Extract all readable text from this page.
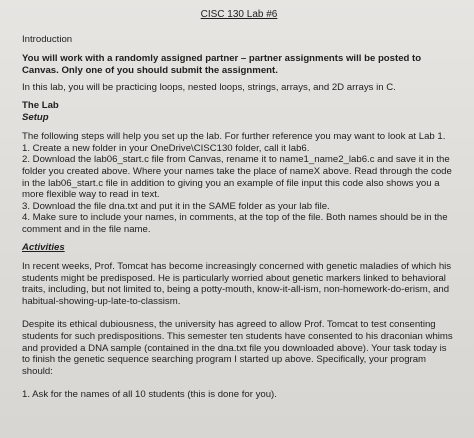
CISC 130 Lab #6
Introduction
You will work with a randomly assigned partner – partner assignments will be posted to Canvas. Only one of you should submit the assignment.
In this lab, you will be practicing loops, nested loops, strings, arrays, and 2D arrays in C.
The Lab
Setup
The following steps will help you set up the lab. For further reference you may want to look at Lab 1.
1. Create a new folder in your OneDrive\CISC130 folder, call it lab6.
2. Download the lab06_start.c file from Canvas, rename it to name1_name2_lab6.c and save it in the folder you created above. Where your names take the place of nameX above. Read through the code in the lab06_start.c file in addition to giving you an example of file input this code also shows you a more flexible way to read in text.
3. Download the file dna.txt and put it in the SAME folder as your lab file.
4. Make sure to include your names, in comments, at the top of the file. Both names should be in the comment and in the file name.
Activities
In recent weeks, Prof. Tomcat has become increasingly concerned with genetic maladies of which his students might be predisposed. He is particularly worried about genetic markers linked to behavioral traits, including, but not limited to, being a potty-mouth, know-it-all-ism, non-homework-do-erism, and habitual-showing-up-late-to-classism.
Despite its ethical dubiousness, the university has agreed to allow Prof. Tomcat to test consenting students for such predispositions. This semester ten students have consented to his draconian whims and provided a DNA sample (contained in the dna.txt file you downloaded above). Your task today is to finish the genetic sequence searching program I started up above. Specifically, your program should:
1. Ask for the names of all 10 students (this is done for you).
